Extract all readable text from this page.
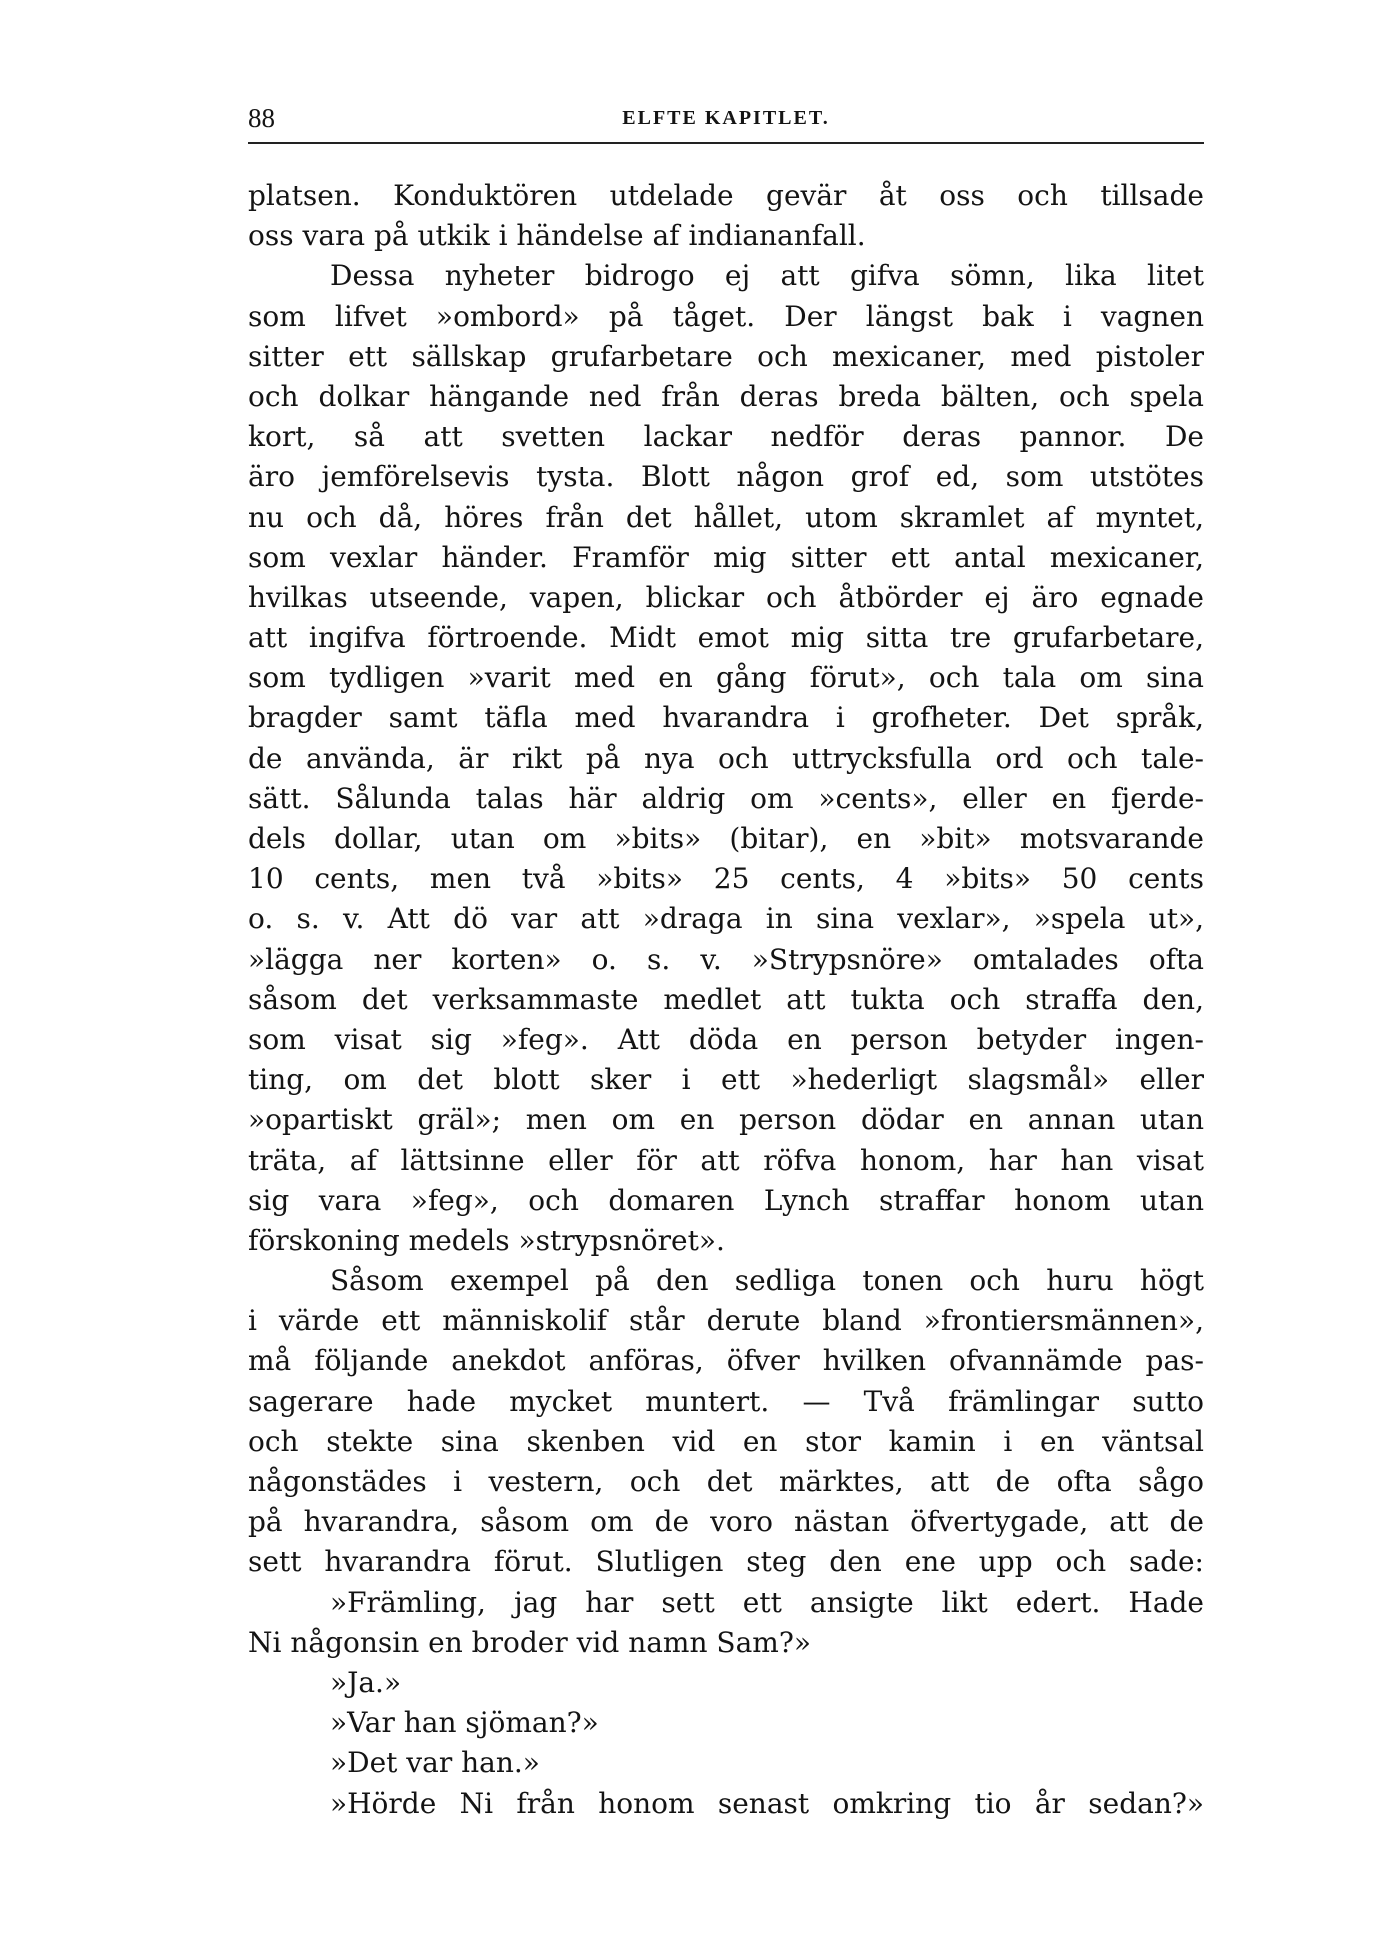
88	ELFTE KAPITLET.
platsen. Konduktören utdelade gevär åt oss och tillsade
oss vara på utkik i händelse af indiananfall.
Dessa nyheter bidrogo ej att gifva sömn, lika litet
som lifvet »ombord» på tåget. Der längst bak i vagnen
sitter ett sällskap grufarbetare och mexicaner, med pistoler
och dolkar hängande ned från deras breda bälten, och spela
kort, så att svetten lackar nedför deras pannor. De
äro jemförelsevis tysta. Blott någon grof ed, som utstötes
nu och då, höres från det hållet, utom skramlet af myntet,
som vexlar händer. Framför mig sitter ett antal mexicaner,
hvilkas utseende, vapen, blickar och åtbörder ej äro egnade
att ingifva förtroende. Midt emot mig sitta tre grufarbetare,
som tydligen »varit med en gång förut», och tala om sina
bragder samt täfla med hvarandra i grofheter. Det språk,
de använda, är rikt på nya och uttrycksfulla ord och tale-
sätt. Sålunda talas här aldrig om »cents», eller en fjerde-
dels dollar, utan om »bits» (bitar), en »bit» motsvarande
10 cents, men två »bits» 25 cents, 4 »bits» 50 cents
o. s. v. Att dö var att »draga in sina vexlar», »spela ut»,
»lägga ner korten» o. s. v. »Strypsnöre» omtalades ofta
såsom det verksammaste medlet att tukta och straffa den,
som visat sig »feg». Att döda en person betyder ingen-
ting, om det blott sker i ett »hederligt slagsmål» eller
»opartiskt gräl»; men om en person dödar en annan utan
träta, af lättsinne eller för att röfva honom, har han visat
sig vara »feg», och domaren Lynch straffar honom utan
förskoning medels »strypsnöret».
Såsom exempel på den sedliga tonen och huru högt
i värde ett människolif står derute bland »frontiersmännen»,
må följande anekdot anföras, öfver hvilken ofvannämde pas-
sagerare hade mycket muntert. — Två främlingar sutto
och stekte sina skenben vid en stor kamin i en väntsal
någonstädes i vestern, och det märktes, att de ofta sågo
på hvarandra, såsom om de voro nästan öfvertygade, att de
sett hvarandra förut. Slutligen steg den ene upp och sade:
»Främling, jag har sett ett ansigte likt edert. Hade
Ni någonsin en broder vid namn Sam?»
»Ja.»
»Var han sjöman?»
»Det var han.»
»Hörde Ni från honom senast omkring tio år sedan?»
